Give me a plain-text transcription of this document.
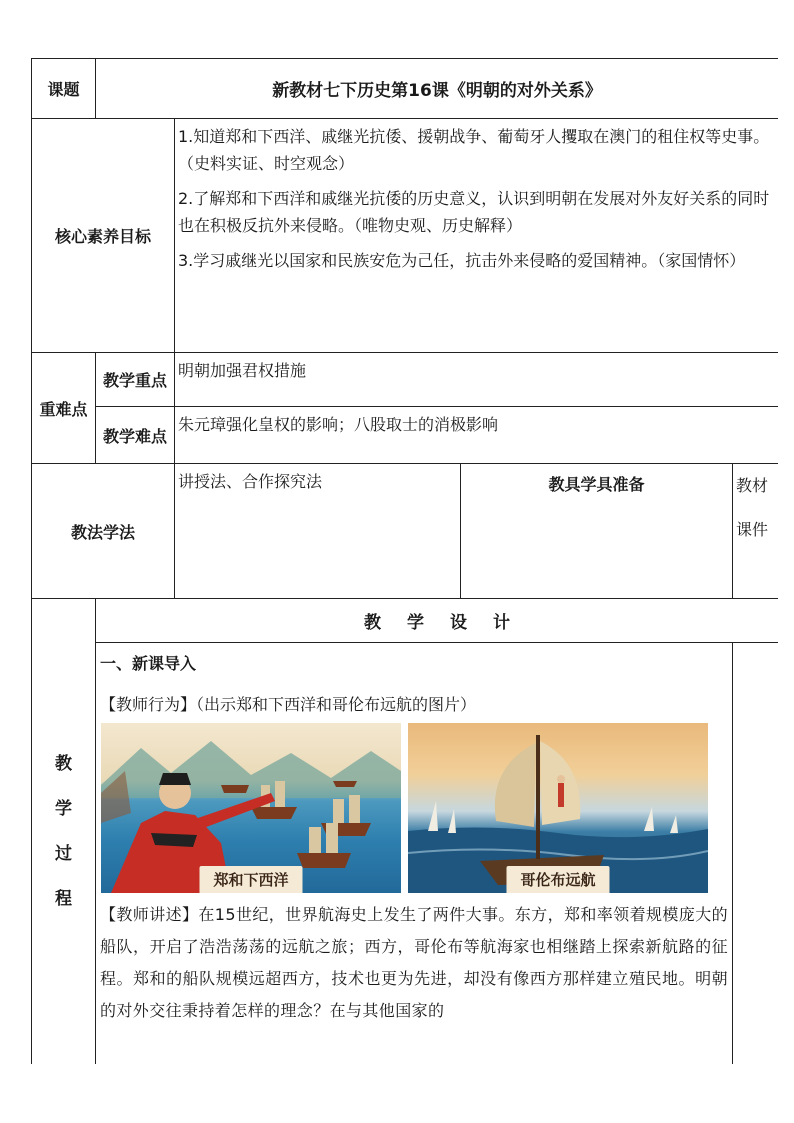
课题	新教材七下历史第16课《明朝的对外关系》			
核心素养目标		1.知道郑和下西洋、戚继光抗倭、援朝战争、葡萄牙人攫取在澳门的租住权等史事。（史料实证、时空观念）

2.了解郑和下西洋和戚继光抗倭的历史意义，认识到明朝在发展对外友好关系的同时也在积极反抗外来侵略。（唯物史观、历史解释）

3.学习戚继光以国家和民族安危为己任，抗击外来侵略的爱国精神。（家国情怀）		

重难点	教学重点	明朝加强君权措施		
	教学难点	朱元璋强化皇权的影响；八股取士的消极影响		
教法学法		讲授法、合作探究法	教具学具准备	教材课件

教学过程	教学设计			

	一、新课导入
【教师行为】（出示郑和下西洋和哥伦布远航的图片）
郑和下西洋 哥伦布远航
【教师讲述】在15世纪，世界航海史上发生了两件大事。东方，郑和率领着规模庞大的船队，开启了浩浩荡荡的远航之旅；西方，哥伦布等航海家也相继踏上探索新航路的征程。郑和的船队规模远超西方，技术也更为先进，却没有像西方那样建立殖民地。明朝的对外交往秉持着怎样的理念？在与其他国家的			
